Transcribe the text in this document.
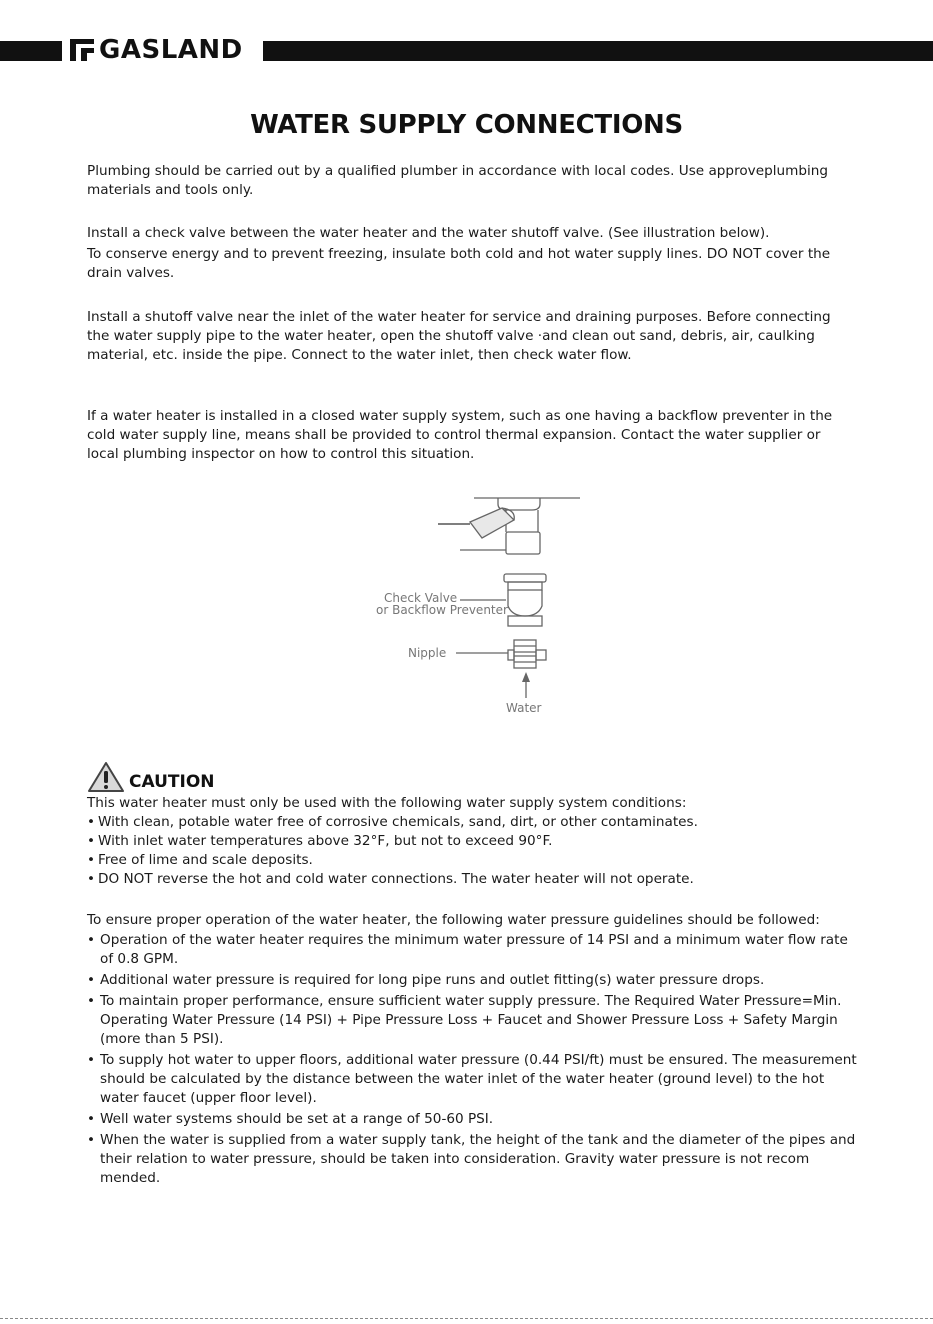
GASLAND
WATER SUPPLY CONNECTIONS

Plumbing should be carried out by a qualified plumber in accordance with local codes. Use approveplumbing materials and tools only.

Install a check valve between the water heater and the water shutoff valve. (See illustration below).

To conserve energy and to prevent freezing, insulate both cold and hot water supply lines. DO NOT cover the drain valves.

Install a shutoff valve near the inlet of the water heater for service and draining purposes. Before connecting the water supply pipe to the water heater, open the shutoff valve ·and clean out sand, debris, air, caulking material, etc. inside the pipe. Connect to the water inlet, then check water flow.

If a water heater is installed in a closed water supply system, such as one having a backflow preventer in the cold water supply line, means shall be provided to control thermal expansion. Contact the water supplier or local plumbing inspector on how to control this situation.

Check Valve
or Backflow Preventer
Nipple
Water
CAUTION

This water heater must only be used with the following water supply system conditions:

• With clean, potable water free of corrosive chemicals, sand, dirt, or other contaminates.
• With inlet water temperatures above 32°F, but not to exceed 90°F.
• Free of lime and scale deposits.
• DO NOT reverse the hot and cold water connections. The water heater will not operate.

To ensure proper operation of the water heater, the following water pressure guidelines should be followed:

• Operation of the water heater requires the minimum water pressure of 14 PSI and a minimum water flow rate of 0.8 GPM.
• Additional water pressure is required for long pipe runs and outlet fitting(s) water pressure drops.
• To maintain proper performance, ensure sufficient water supply pressure. The Required Water Pressure=Min. Operating Water Pressure (14 PSI) + Pipe Pressure Loss + Faucet and Shower Pressure Loss + Safety Margin (more than 5 PSI).
• To supply hot water to upper floors, additional water pressure (0.44 PSI/ft) must be ensured. The measurement should be calculated by the distance between the water inlet of the water heater (ground level) to the hot water faucet (upper floor level).
• Well water systems should be set at a range of 50-60 PSI.
• When the water is supplied from a water supply tank, the height of the tank and the diameter of the pipes and their relation to water pressure, should be taken into consideration. Gravity water pressure is not recom mended.
